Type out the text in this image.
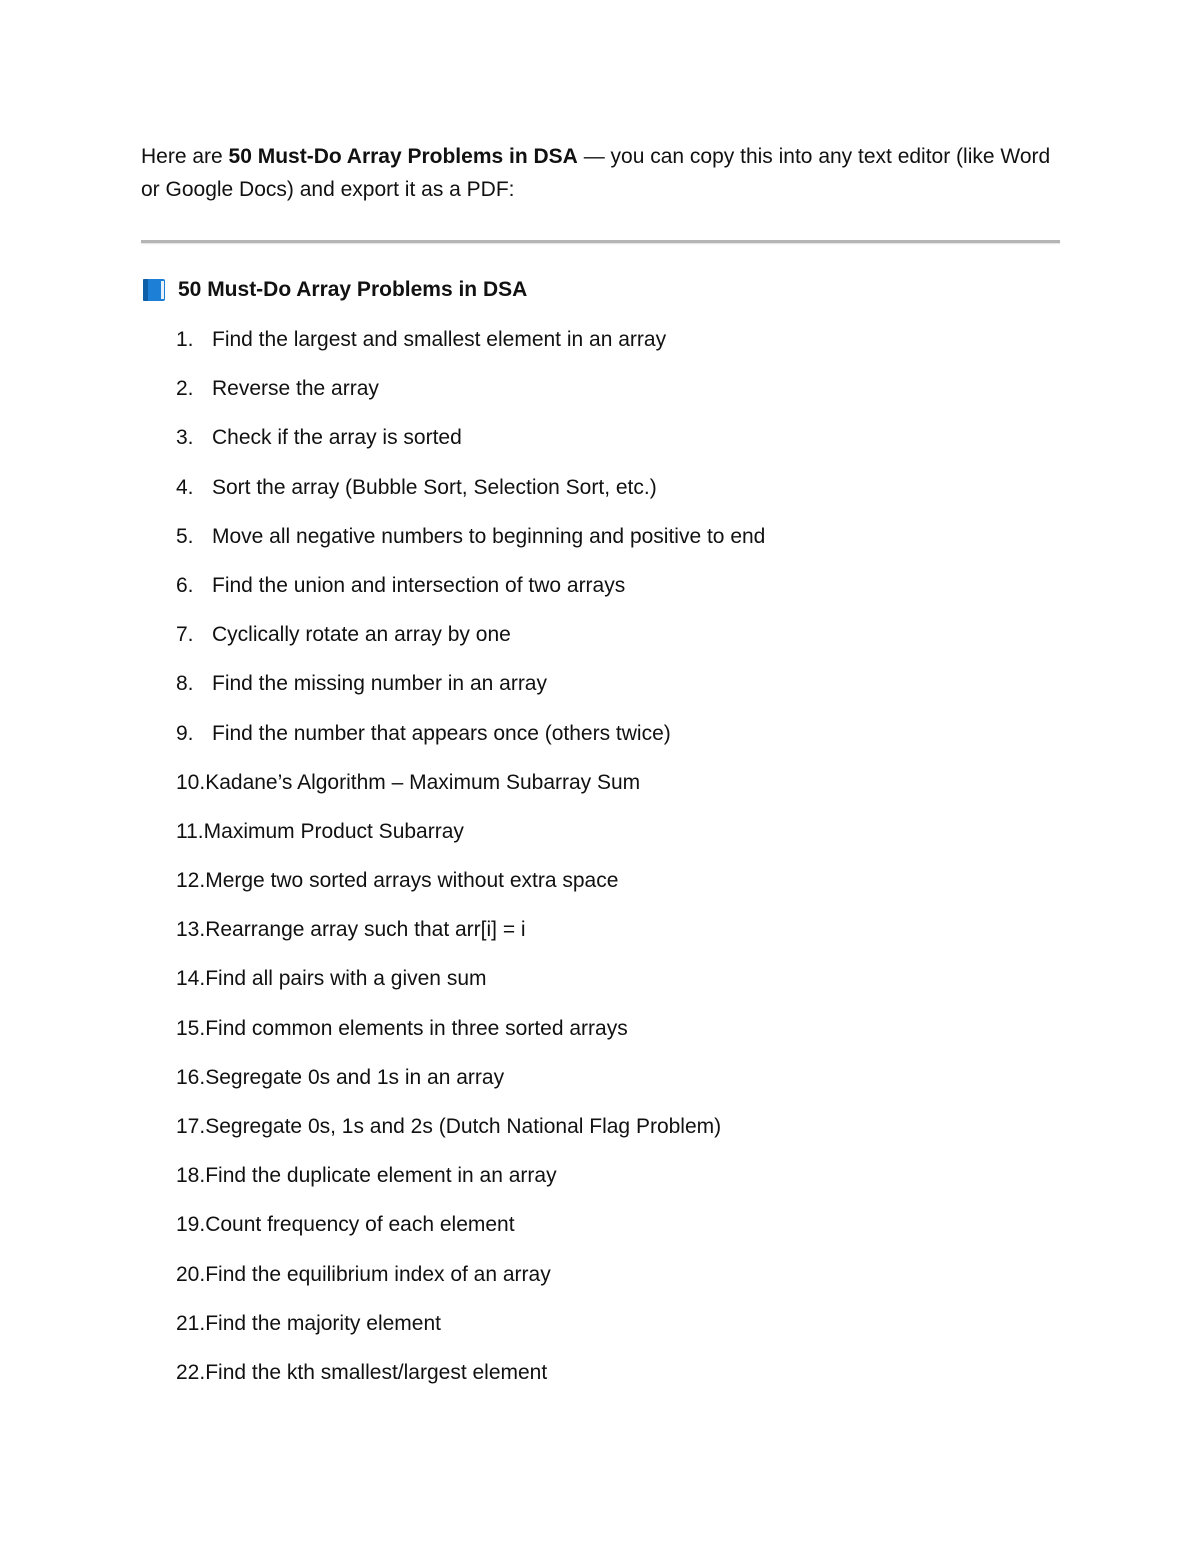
Here are 50 Must-Do Array Problems in DSA — you can copy this into any text editor (like Word or Google Docs) and export it as a PDF:
50 Must-Do Array Problems in DSA
1. Find the largest and smallest element in an array
2. Reverse the array
3. Check if the array is sorted
4. Sort the array (Bubble Sort, Selection Sort, etc.)
5. Move all negative numbers to beginning and positive to end
6. Find the union and intersection of two arrays
7. Cyclically rotate an array by one
8. Find the missing number in an array
9. Find the number that appears once (others twice)
10. Kadane’s Algorithm – Maximum Subarray Sum
11. Maximum Product Subarray
12. Merge two sorted arrays without extra space
13. Rearrange array such that arr[i] = i
14. Find all pairs with a given sum
15. Find common elements in three sorted arrays
16. Segregate 0s and 1s in an array
17. Segregate 0s, 1s and 2s (Dutch National Flag Problem)
18. Find the duplicate element in an array
19. Count frequency of each element
20. Find the equilibrium index of an array
21. Find the majority element
22. Find the kth smallest/largest element
